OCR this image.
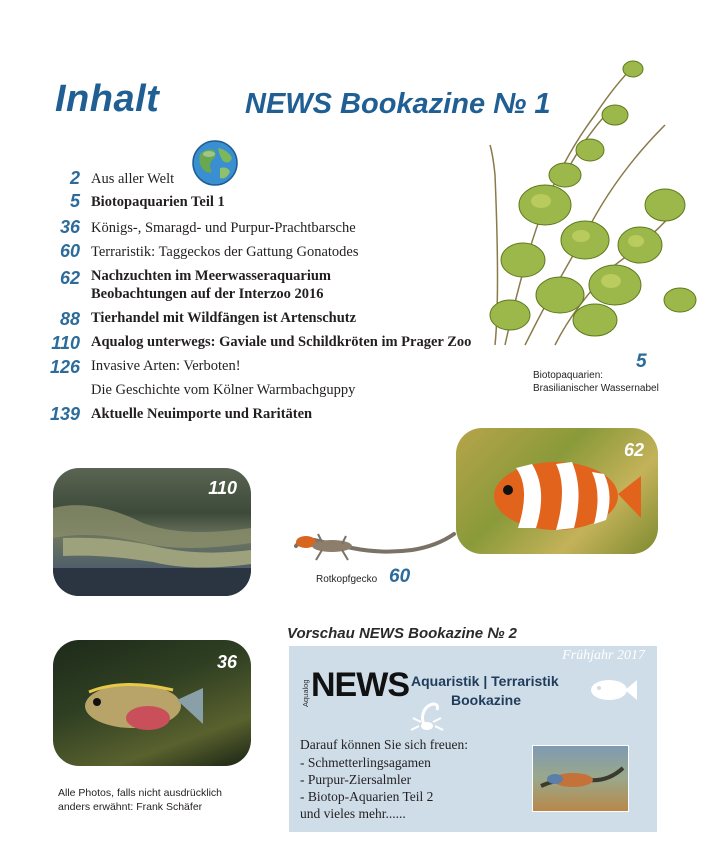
Inhalt	NEWS Bookazine № 1
2 Aus aller Welt
5 Biotopaquarien Teil 1
36 Königs-, Smaragd- und Purpur-Prachtbarsche
60 Terraristik: Taggeckos der Gattung Gonatodes
62 Nachzuchten im Meerwasseraquarium
Beobachtungen auf der Interzoo 2016
88 Tierhandel mit Wildfängen ist Artenschutz
110 Aqualog unterwegs: Gaviale und Schildkröten im Prager Zoo
126 Invasive Arten: Verboten!
Die Geschichte vom Kölner Warmbachguppy
139 Aktuelle Neuimporte und Raritäten
Biotopaquarien:
Brasilianischer Wassernabel
5
110
62
Rotkopfgecko 60
36
Alle Photos, falls nicht ausdrücklich
anders erwähnt: Frank Schäfer
Vorschau NEWS Bookazine № 2
Frühjahr 2017
Aqualog NEWS Aquaristik | Terraristik
Bookazine
Darauf können Sie sich freuen:
- Schmetterlingsagamen
- Purpur-Ziersalmler
- Biotop-Aquarien Teil 2
und vieles mehr......
